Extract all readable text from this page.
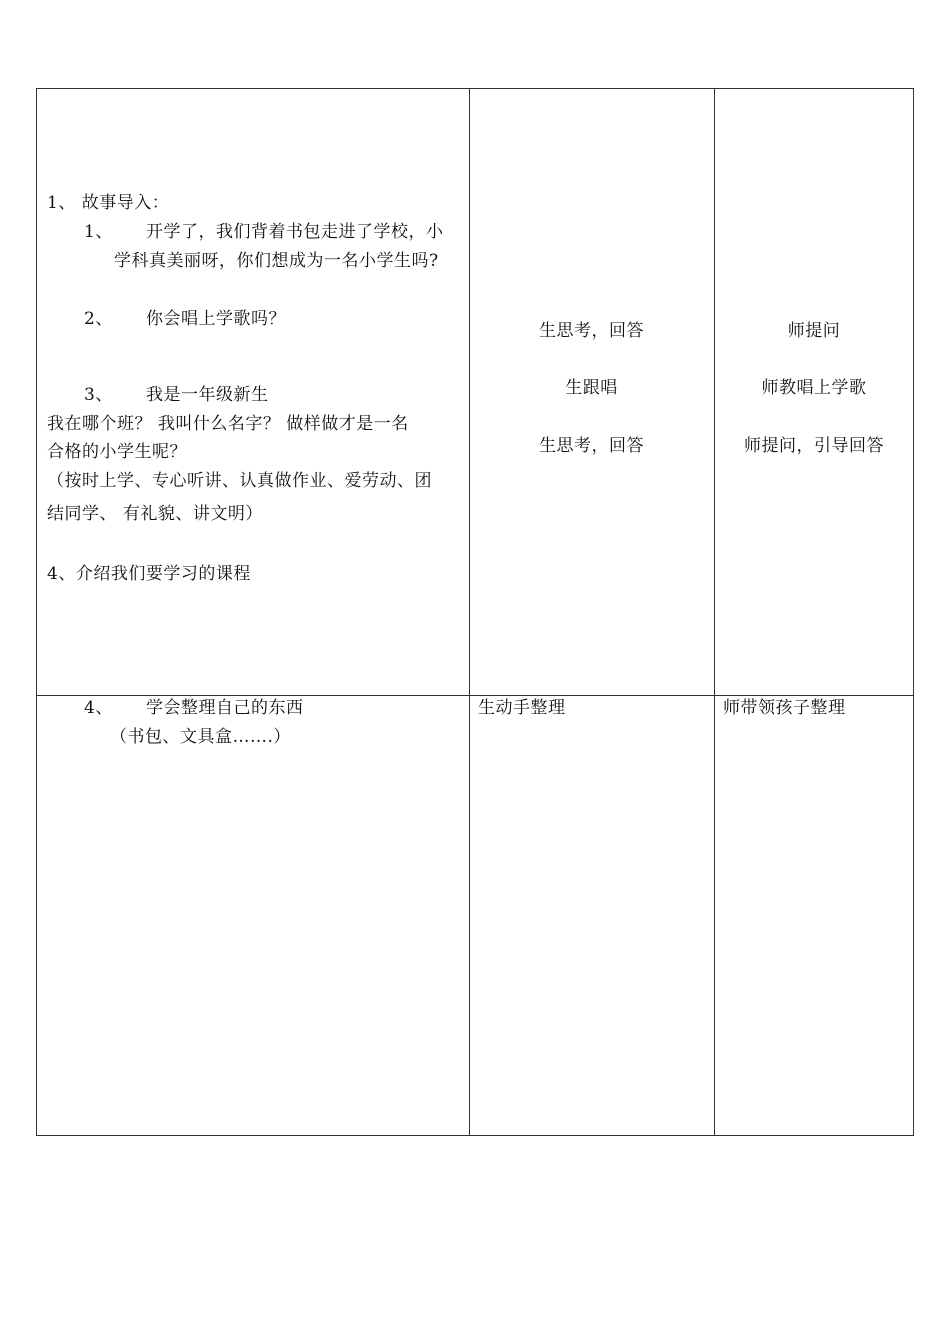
1、 故事导入：
1、 开学了，我们背着书包走进了学校，小
学科真美丽呀，你们想成为一名小学生吗?
2、 你会唱上学歌吗？
3、 我是一年级新生
我在哪个班？ 我叫什么名字？ 做样做才是一名
合格的小学生呢？
（按时上学、专心听讲、认真做作业、爱劳动、团
结同学、 有礼貌、讲文明）
4、介绍我们要学习的课程
生思考，回答
生跟唱
生思考，回答
师提问
师教唱上学歌
师提问，引导回答
4、 学会整理自己的东西
（书包、文具盒…….）
生动手整理	师带领孩子整理
